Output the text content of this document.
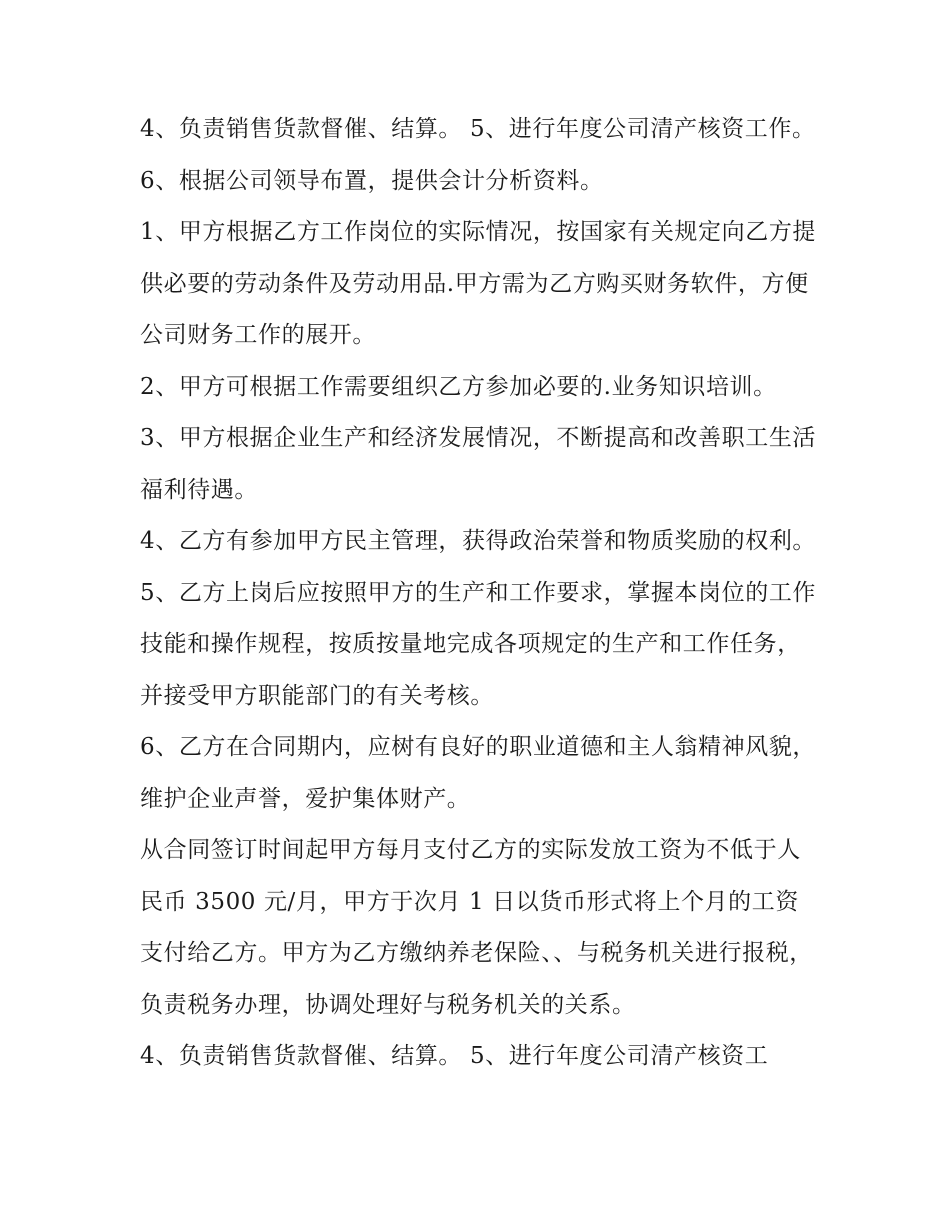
4、负责销售货款督催、结算。 5、进行年度公司清产核资工作。 6、根据公司领导布置，提供会计分析资料。

1、甲方根据乙方工作岗位的实际情况，按国家有关规定向乙方提供必要的劳动条件及劳动用品.甲方需为乙方购买财务软件，方便公司财务工作的展开。

2、甲方可根据工作需要组织乙方参加必要的.业务知识培训。

3、甲方根据企业生产和经济发展情况，不断提高和改善职工生活福利待遇。

4、乙方有参加甲方民主管理，获得政治荣誉和物质奖励的权利。

5、乙方上岗后应按照甲方的生产和工作要求，掌握本岗位的工作技能和操作规程，按质按量地完成各项规定的生产和工作任务，并接受甲方职能部门的有关考核。

6、乙方在合同期内，应树有良好的职业道德和主人翁精神风貌，维护企业声誉，爱护集体财产。

从合同签订时间起甲方每月支付乙方的实际发放工资为不低于人民币 3500 元/月，甲方于次月 1 日以货币形式将上个月的工资支付给乙方。甲方为乙方缴纳养老保险、、与税务机关进行报税，负责税务办理，协调处理好与税务机关的关系。

4、负责销售货款督催、结算。 5、进行年度公司清产核资工
